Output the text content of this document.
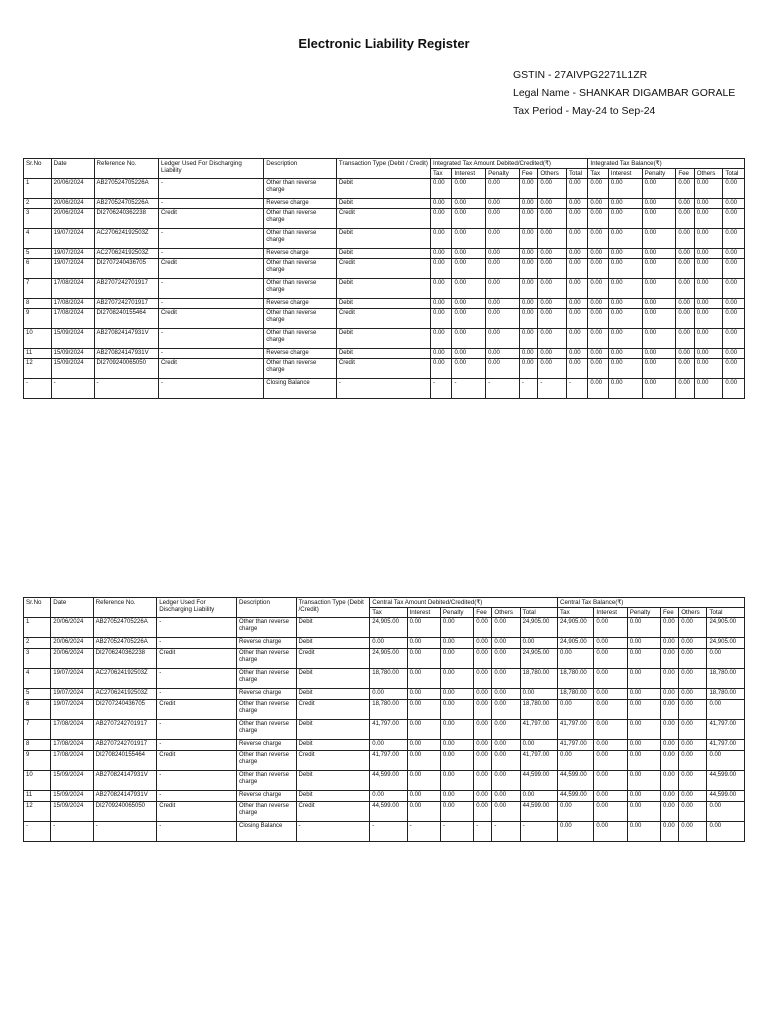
Electronic Liability Register
GSTIN - 27AIVPG2271L1ZR
Legal Name - SHANKAR DIGAMBAR GORALE
Tax Period - May-24 to Sep-24
Sr.No	Date	Reference No.	Ledger Used For Discharging Liability	Description	Transaction Type (Debit / Credit)	Integrated Tax Amount Debited/Credited(₹)						Integrated Tax Balance(₹)					
						Tax	Interest	Penalty	Fee	Others	Total	Tax	Interest	Penalty	Fee	Others	Total
1	20/06/2024	AB270524705226A	-	Other than reverse charge	Debit	0.00	0.00	0.00	0.00	0.00	0.00	0.00	0.00	0.00	0.00	0.00	0.00
2	20/06/2024	AB270524705226A	-	Reverse charge	Debit	0.00	0.00	0.00	0.00	0.00	0.00	0.00	0.00	0.00	0.00	0.00	0.00
3	20/06/2024	DI2706240362238	Credit	Other than reverse charge	Credit	0.00	0.00	0.00	0.00	0.00	0.00	0.00	0.00	0.00	0.00	0.00	0.00
4	19/07/2024	AC270624192503Z	-	Other than reverse charge	Debit	0.00	0.00	0.00	0.00	0.00	0.00	0.00	0.00	0.00	0.00	0.00	0.00
5	19/07/2024	AC270624192503Z	-	Reverse charge	Debit	0.00	0.00	0.00	0.00	0.00	0.00	0.00	0.00	0.00	0.00	0.00	0.00
6	19/07/2024	DI2707240436705	Credit	Other than reverse charge	Credit	0.00	0.00	0.00	0.00	0.00	0.00	0.00	0.00	0.00	0.00	0.00	0.00
7	17/08/2024	AB2707242701917	-	Other than reverse charge	Debit	0.00	0.00	0.00	0.00	0.00	0.00	0.00	0.00	0.00	0.00	0.00	0.00
8	17/08/2024	AB2707242701917	-	Reverse charge	Debit	0.00	0.00	0.00	0.00	0.00	0.00	0.00	0.00	0.00	0.00	0.00	0.00
9	17/08/2024	DI2708240155464	Credit	Other than reverse charge	Credit	0.00	0.00	0.00	0.00	0.00	0.00	0.00	0.00	0.00	0.00	0.00	0.00
10	15/09/2024	AB270824147931V	-	Other than reverse charge	Debit	0.00	0.00	0.00	0.00	0.00	0.00	0.00	0.00	0.00	0.00	0.00	0.00
11	15/09/2024	AB270824147931V	-	Reverse charge	Debit	0.00	0.00	0.00	0.00	0.00	0.00	0.00	0.00	0.00	0.00	0.00	0.00
12	15/09/2024	DI2709240065050	Credit	Other than reverse charge	Credit	0.00	0.00	0.00	0.00	0.00	0.00	0.00	0.00	0.00	0.00	0.00	0.00
-	-	-	-	Closing Balance	-	-	-	-	-	-	-	0.00	0.00	0.00	0.00	0.00	0.00
Sr.No	Date	Reference No.	Ledger Used For Discharging Liability	Description	Transaction Type (Debit /Credit)	Central Tax Amount Debited/Credited(₹)						Central Tax Balance(₹)					
						Tax	Interest	Penalty	Fee	Others	Total	Tax	Interest	Penalty	Fee	Others	Total
1	20/06/2024	AB270524705226A	-	Other than reverse charge	Debit	24,905.00	0.00	0.00	0.00	0.00	24,905.00	24,905.00	0.00	0.00	0.00	0.00	24,905.00
2	20/06/2024	AB270524705226A	-	Reverse charge	Debit	0.00	0.00	0.00	0.00	0.00	0.00	24,905.00	0.00	0.00	0.00	0.00	24,905.00
3	20/06/2024	DI2706240362238	Credit	Other than reverse charge	Credit	24,905.00	0.00	0.00	0.00	0.00	24,905.00	0.00	0.00	0.00	0.00	0.00	0.00
4	19/07/2024	AC270624192503Z	-	Other than reverse charge	Debit	18,780.00	0.00	0.00	0.00	0.00	18,780.00	18,780.00	0.00	0.00	0.00	0.00	18,780.00
5	19/07/2024	AC270624192503Z	-	Reverse charge	Debit	0.00	0.00	0.00	0.00	0.00	0.00	18,780.00	0.00	0.00	0.00	0.00	18,780.00
6	19/07/2024	DI2707240436705	Credit	Other than reverse charge	Credit	18,780.00	0.00	0.00	0.00	0.00	18,780.00	0.00	0.00	0.00	0.00	0.00	0.00
7	17/08/2024	AB2707242701917	-	Other than reverse charge	Debit	41,797.00	0.00	0.00	0.00	0.00	41,797.00	41,797.00	0.00	0.00	0.00	0.00	41,797.00
8	17/08/2024	AB2707242701917	-	Reverse charge	Debit	0.00	0.00	0.00	0.00	0.00	0.00	41,797.00	0.00	0.00	0.00	0.00	41,797.00
9	17/08/2024	DI2708240155464	Credit	Other than reverse charge	Credit	41,797.00	0.00	0.00	0.00	0.00	41,797.00	0.00	0.00	0.00	0.00	0.00	0.00
10	15/09/2024	AB270824147931V	-	Other than reverse charge	Debit	44,599.00	0.00	0.00	0.00	0.00	44,599.00	44,599.00	0.00	0.00	0.00	0.00	44,599.00
11	15/09/2024	AB270824147931V	-	Reverse charge	Debit	0.00	0.00	0.00	0.00	0.00	0.00	44,599.00	0.00	0.00	0.00	0.00	44,599.00
12	15/09/2024	DI2709240065050	Credit	Other than reverse charge	Credit	44,599.00	0.00	0.00	0.00	0.00	44,599.00	0.00	0.00	0.00	0.00	0.00	0.00
-	-	-	-	Closing Balance	-	-	-	-	-	-	-	0.00	0.00	0.00	0.00	0.00	0.00
